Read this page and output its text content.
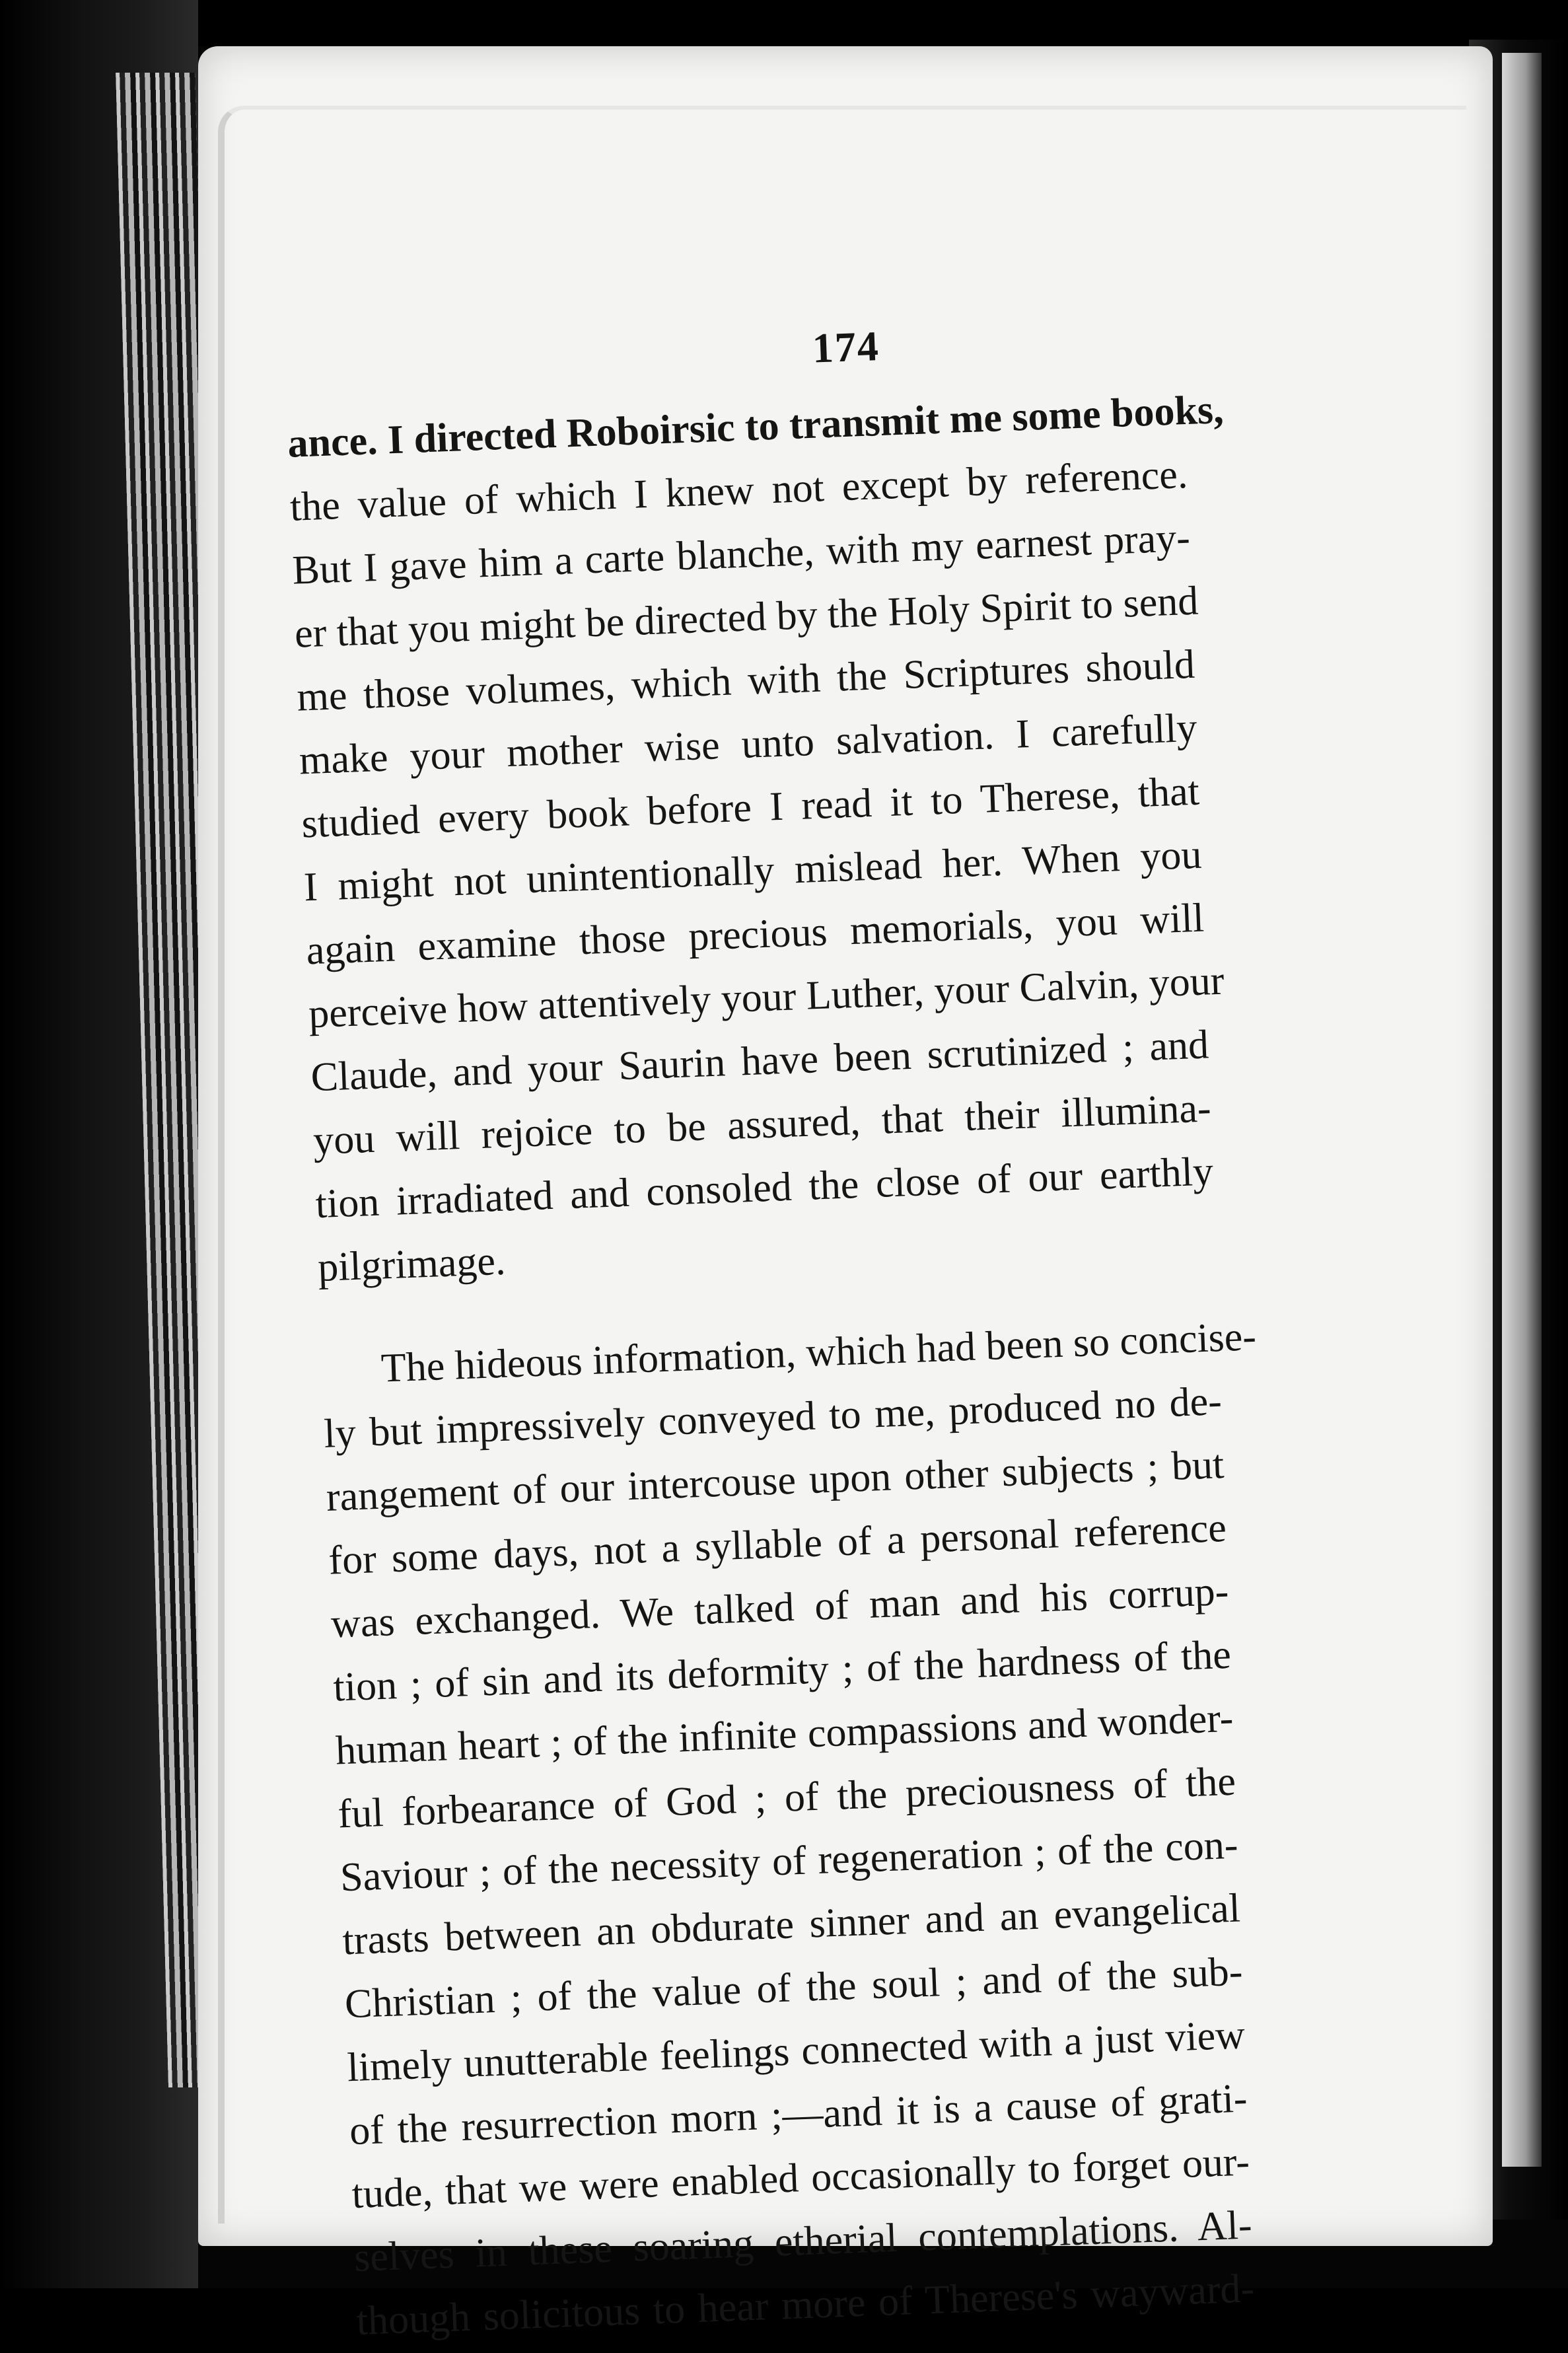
174
ance. I directed Roboirsic to transmit me some books,
the value of which I knew not except by reference.
But I gave him a carte blanche, with my earnest pray-
er that you might be directed by the Holy Spirit to send
me those volumes, which with the Scriptures should
make your mother wise unto salvation. I carefully
studied every book before I read it to Therese, that
I might not unintentionally mislead her. When you
again examine those precious memorials, you will
perceive how attentively your Luther, your Calvin, your
Claude, and your Saurin have been scrutinized ; and
you will rejoice to be assured, that their illumina-
tion irradiated and consoled the close of our earthly
pilgrimage.
The hideous information, which had been so concise-
ly but impressively conveyed to me, produced no de-
rangement of our intercouse upon other subjects ; but
for some days, not a syllable of a personal reference
was exchanged. We talked of man and his corrup-
tion ; of sin and its deformity ; of the hardness of the
human heart ; of the infinite compassions and wonder-
ful forbearance of God ; of the preciousness of the
Saviour ; of the necessity of regeneration ; of the con-
trasts between an obdurate sinner and an evangelical
Christian ; of the value of the soul ; and of the sub-
limely unutterable feelings connected with a just view
of the resurrection morn ;—and it is a cause of grati-
tude, that we were enabled occasionally to forget our-
selves in these soaring etherial contemplations. Al-
though solicitous to hear more of Therese's wayward-
